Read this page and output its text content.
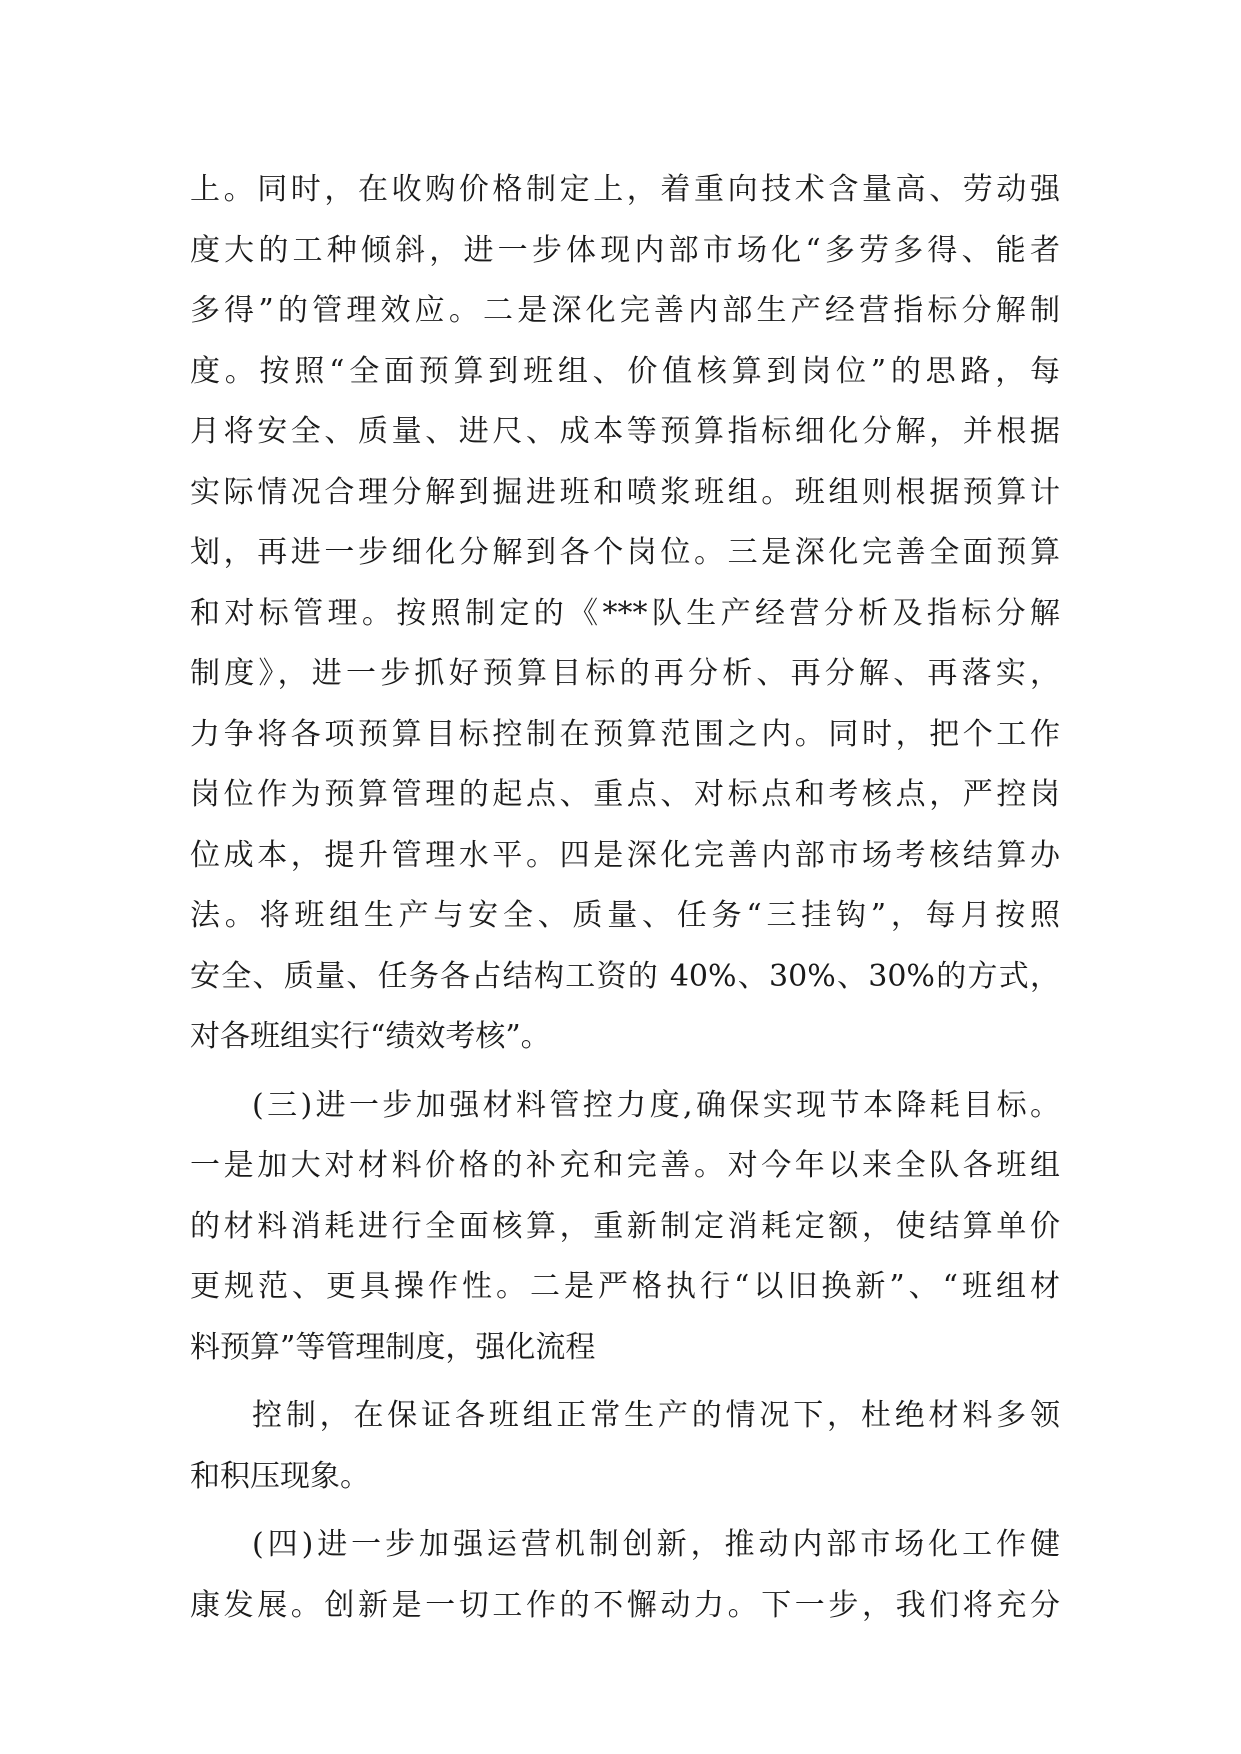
上。同时，在收购价格制定上，着重向技术含量高、劳动强
度大的工种倾斜，进一步体现内部市场化“多劳多得、能者
多得”的管理效应。二是深化完善内部生产经营指标分解制
度。按照“全面预算到班组、价值核算到岗位”的思路，每
月将安全、质量、进尺、成本等预算指标细化分解，并根据
实际情况合理分解到掘进班和喷浆班组。班组则根据预算计
划，再进一步细化分解到各个岗位。三是深化完善全面预算
和对标管理。按照制定的《***队生产经营分析及指标分解
制度》，进一步抓好预算目标的再分析、再分解、再落实，
力争将各项预算目标控制在预算范围之内。同时，把个工作
岗位作为预算管理的起点、重点、对标点和考核点，严控岗
位成本，提升管理水平。四是深化完善内部市场考核结算办
法。将班组生产与安全、质量、任务“三挂钩”，每月按照
安全、质量、任务各占结构工资的 40%、30%、30%的方式，
对各班组实行“绩效考核”。
(三)进一步加强材料管控力度,确保实现节本降耗目标。
一是加大对材料价格的补充和完善。对今年以来全队各班组
的材料消耗进行全面核算，重新制定消耗定额，使结算单价
更规范、更具操作性。二是严格执行“以旧换新”、“班组材
料预算”等管理制度，强化流程
控制，在保证各班组正常生产的情况下，杜绝材料多领
和积压现象。
(四)进一步加强运营机制创新，推动内部市场化工作健
康发展。创新是一切工作的不懈动力。下一步，我们将充分
